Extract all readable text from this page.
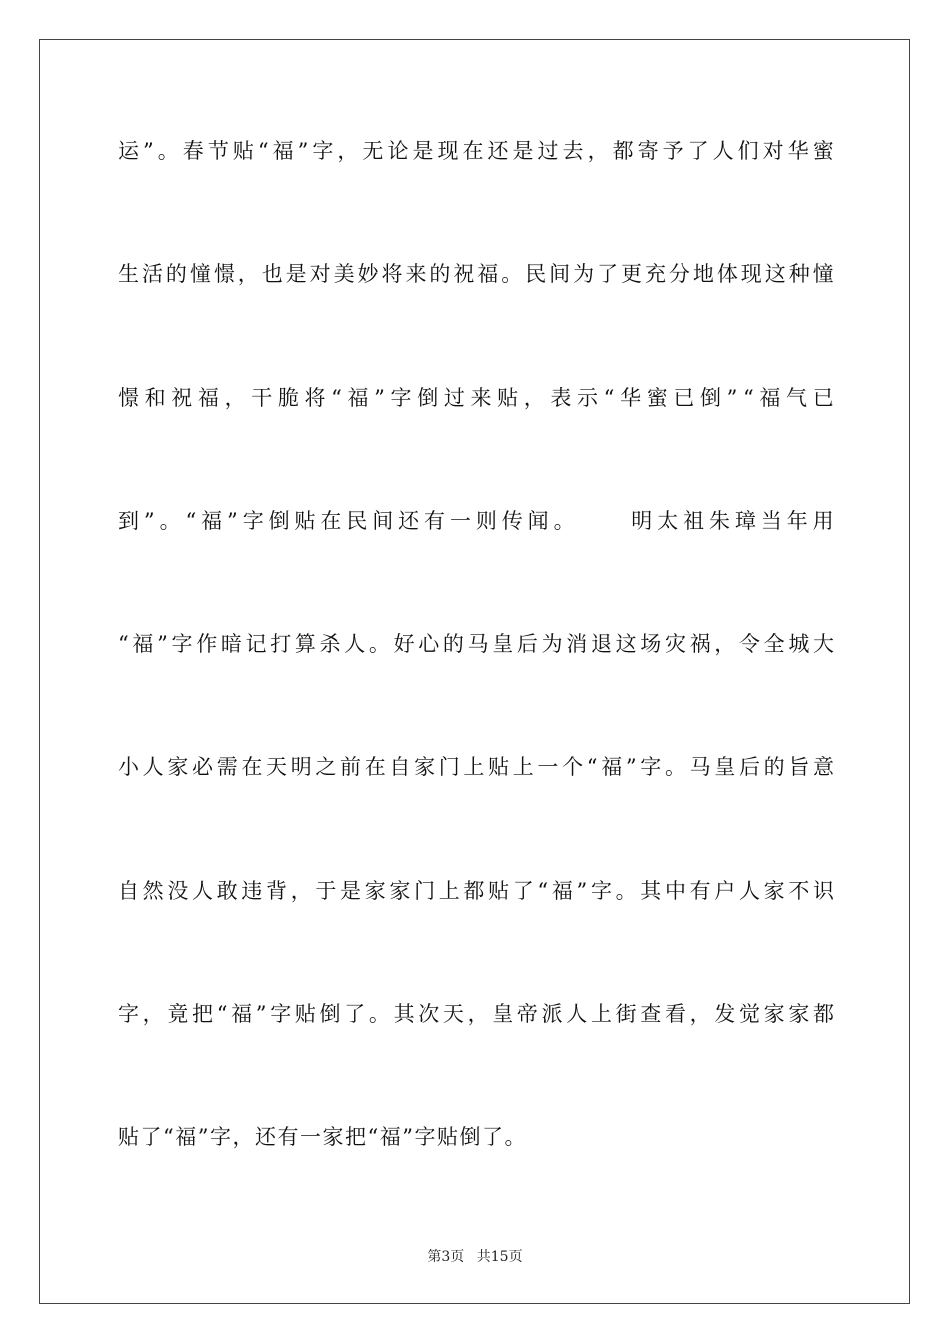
运 ” 。 春 节 贴 “ 福 ” 字 ， 无 论 是 现 在 还 是 过 去 ， 都 寄 予 了 人 们 对 华 蜜
生 活 的 憧 憬 ， 也 是 对 美 妙 将 来 的 祝 福 。 民 间 为 了 更 充 分 地 体 现 这 种 憧
憬 和 祝 福 ， 干 脆 将 “ 福 ” 字 倒 过 来 贴 ， 表 示 “ 华 蜜 已 倒 ” “ 福 气 已
到 ” 。 “ 福 ” 字 倒 贴 在 民 间 还 有 一 则 传 闻 。

　	明 太 祖 朱 璋 当 年 用
“ 福 ” 字 作 暗 记 打 算 杀 人 。 好 心 的 马 皇 后 为 消 退 这 场 灾 祸 ， 令 全 城 大
小 人 家 必 需 在 天 明 之 前 在 自 家 门 上 贴 上 一 个 “ 福 ” 字 。 马 皇 后 的 旨 意
自 然 没 人 敢 违 背 ， 于 是 家 家 门 上 都 贴 了 “ 福 ” 字 。 其 中 有 户 人 家 不 识
字 ， 竟 把 “ 福 ” 字 贴 倒 了 。 其 次 天 ， 皇 帝 派 人 上 街 查 看 ， 发 觉 家 家 都
贴 了 “ 福 ” 字 ， 还 有 一 家 把 “ 福 ” 字 贴 倒 了 。
第3页 共15页
